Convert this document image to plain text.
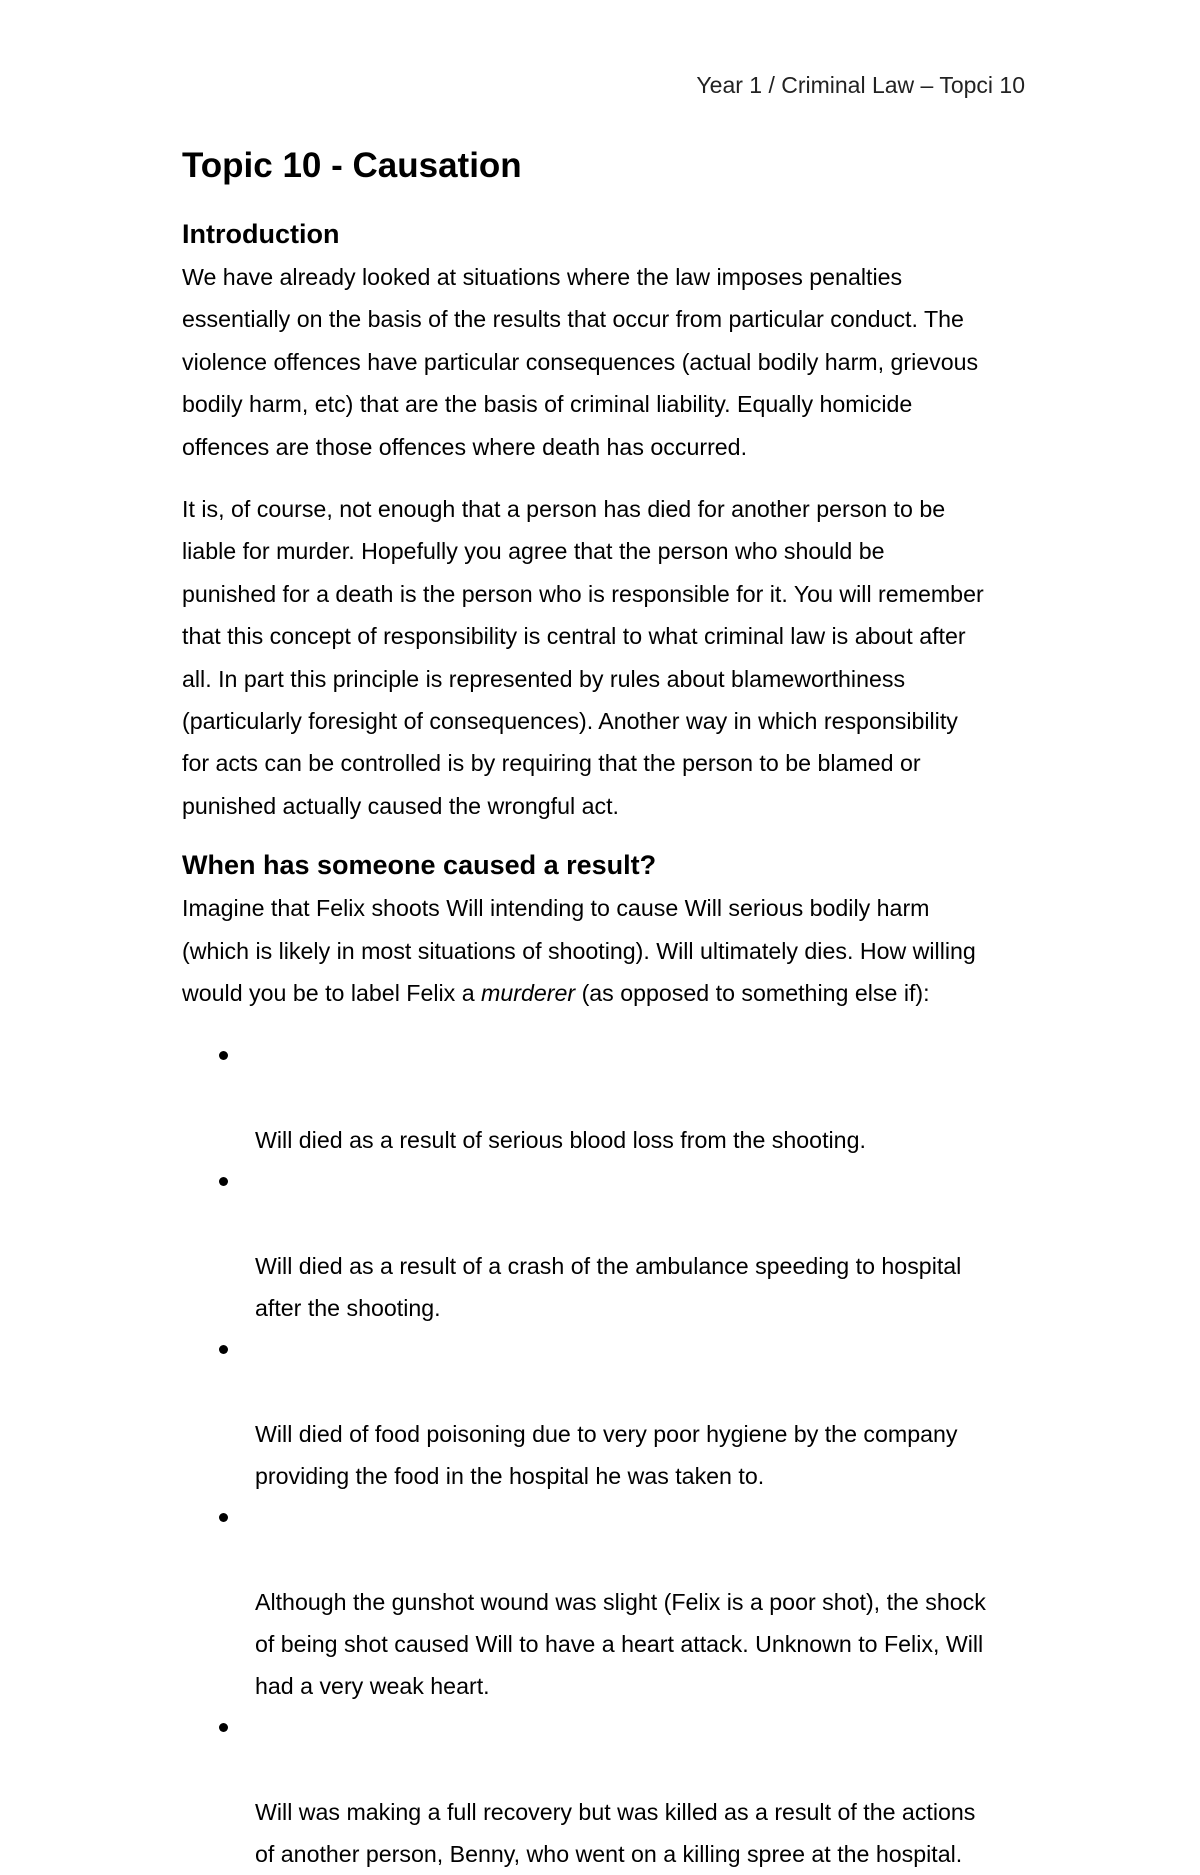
Year 1 / Criminal Law – Topci 10
Topic 10 - Causation
Introduction

We have already looked at situations where the law imposes penalties
essentially on the basis of the results that occur from particular conduct. The
violence offences have particular consequences (actual bodily harm, grievous
bodily harm, etc) that are the basis of criminal liability. Equally homicide
offences are those offences where death has occurred.

It is, of course, not enough that a person has died for another person to be
liable for murder. Hopefully you agree that the person who should be
punished for a death is the person who is responsible for it. You will remember
that this concept of responsibility is central to what criminal law is about after
all. In part this principle is represented by rules about blameworthiness
(particularly foresight of consequences). Another way in which responsibility
for acts can be controlled is by requiring that the person to be blamed or
punished actually caused the wrongful act.

When has someone caused a result?

Imagine that Felix shoots Will intending to cause Will serious bodily harm
(which is likely in most situations of shooting). Will ultimately dies. How willing
would you be to label Felix a murderer (as opposed to something else if):

Will died as a result of serious blood loss from the shooting.

Will died as a result of a crash of the ambulance speeding to hospital
after the shooting.

Will died of food poisoning due to very poor hygiene by the company
providing the food in the hospital he was taken to.

Although the gunshot wound was slight (Felix is a poor shot), the shock
of being shot caused Will to have a heart attack. Unknown to Felix, Will
had a very weak heart.

Will was making a full recovery but was killed as a result of the actions
of another person, Benny, who went on a killing spree at the hospital.
